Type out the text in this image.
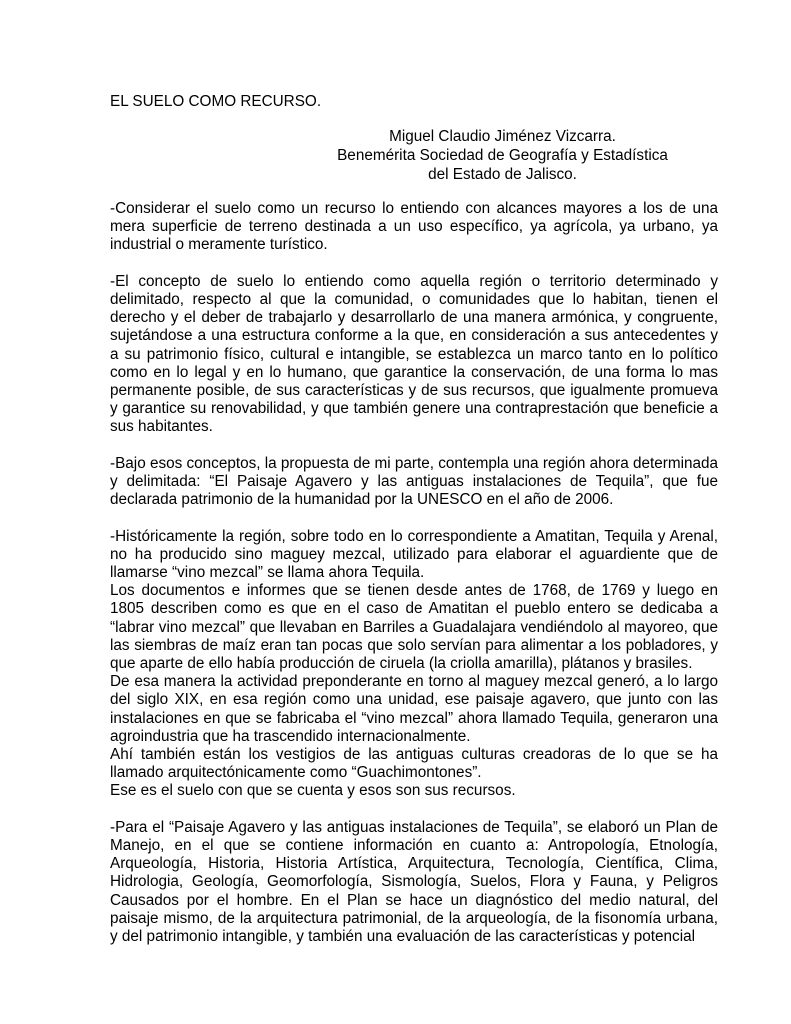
EL SUELO COMO RECURSO.
Miguel Claudio Jiménez Vizcarra.
Benemérita Sociedad de Geografía y Estadística
del Estado de Jalisco.

-Considerar el suelo como un recurso lo entiendo con alcances mayores a los de una mera superficie de terreno destinada a un uso específico, ya agrícola, ya urbano, ya industrial o meramente turístico.

-El concepto de suelo lo entiendo como aquella región o territorio determinado y delimitado, respecto al que la comunidad, o comunidades que lo habitan, tienen el derecho y el deber de trabajarlo y desarrollarlo de una manera armónica, y congruente, sujetándose a una estructura conforme a la que, en consideración a sus antecedentes y a su patrimonio físico, cultural e intangible, se establezca un marco tanto en lo político como en lo legal y en lo humano, que garantice la conservación, de una forma lo mas permanente posible, de sus características y de sus recursos, que igualmente promueva y garantice su renovabilidad, y que también genere una contraprestación que beneficie a sus habitantes.

-Bajo esos conceptos, la propuesta de mi parte, contempla una región ahora determinada y delimitada: “El Paisaje Agavero y las antiguas instalaciones de Tequila”, que fue declarada patrimonio de la humanidad por la UNESCO en el año de 2006.

-Históricamente la región, sobre todo en lo correspondiente a Amatitan, Tequila y Arenal, no ha producido sino maguey mezcal, utilizado para elaborar el aguardiente que de llamarse “vino mezcal” se llama ahora Tequila.

Los documentos e informes que se tienen desde antes de 1768, de 1769 y luego en 1805 describen como es que en el caso de Amatitan el pueblo entero se dedicaba a “labrar vino mezcal” que llevaban en Barriles a Guadalajara vendiéndolo al mayoreo, que las siembras de maíz eran tan pocas que solo servían para alimentar a los pobladores, y que aparte de ello había producción de ciruela (la criolla amarilla), plátanos y brasiles.

De esa manera la actividad preponderante en torno al maguey mezcal generó, a lo largo del siglo XIX, en esa región como una unidad, ese paisaje agavero, que junto con las instalaciones en que se fabricaba el “vino mezcal” ahora llamado Tequila, generaron una agroindustria que ha trascendido internacionalmente.

Ahí también están los vestigios de las antiguas culturas creadoras de lo que se ha llamado arquitectónicamente como “Guachimontones”.

Ese es el suelo con que se cuenta y esos son sus recursos.

-Para el “Paisaje Agavero y las antiguas instalaciones de Tequila”, se elaboró un Plan de Manejo, en el que se contiene información en cuanto a: Antropología, Etnología, Arqueología, Historia, Historia Artística, Arquitectura, Tecnología, Científica, Clima, Hidrologia, Geología, Geomorfología, Sismología, Suelos, Flora y Fauna, y Peligros Causados por el hombre. En el Plan se hace un diagnóstico del medio natural, del paisaje mismo, de la arquitectura patrimonial, de la arqueología, de la fisonomía urbana, y del patrimonio intangible, y también una evaluación de las características y potencial
